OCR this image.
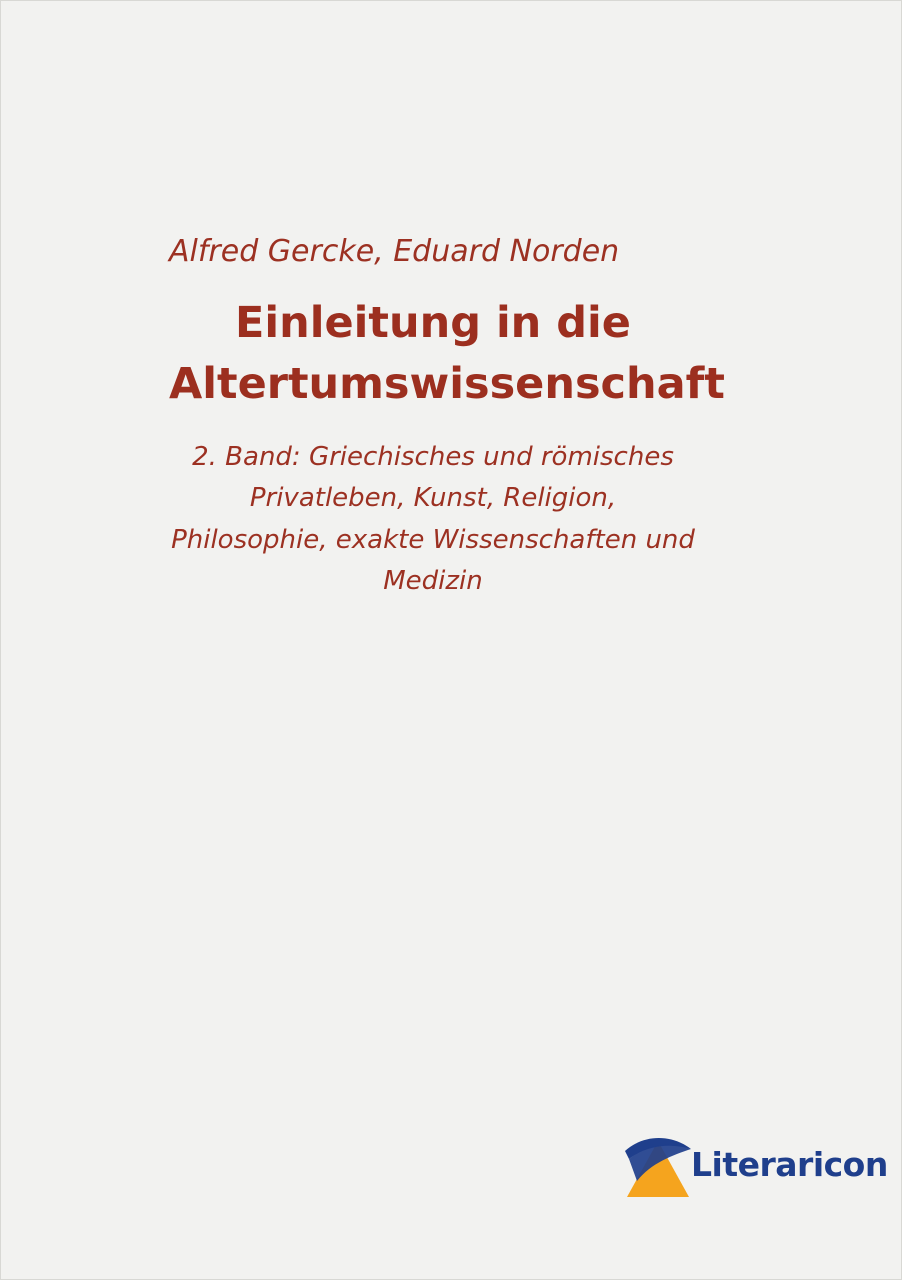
Alfred Gercke, Eduard Norden

Einleitung in die Altertumswissenschaft

2. Band: Griechisches und römisches Privatleben, Kunst, Religion, Philosophie, exakte Wissenschaften und Medizin

Literaricon
